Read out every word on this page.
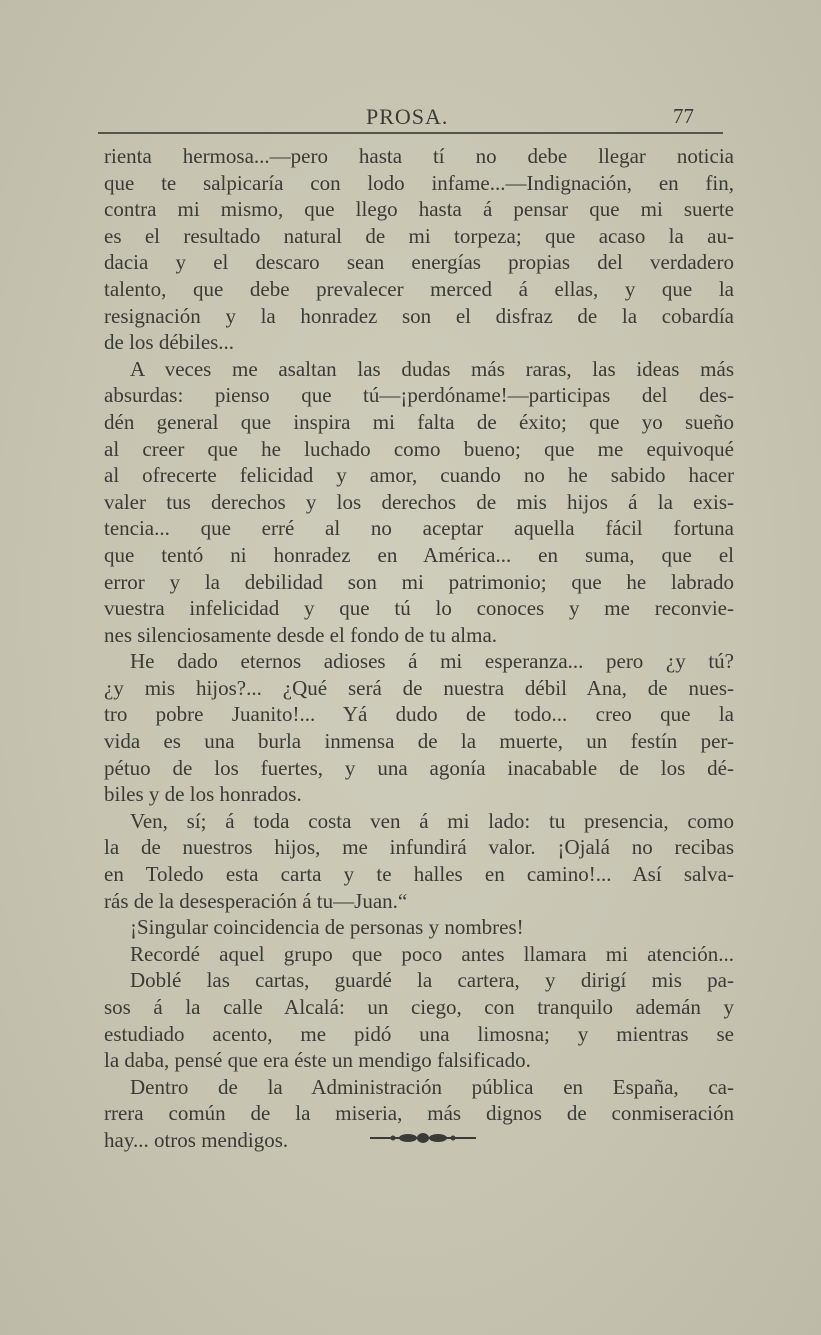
PROSA.	77
rienta hermosa...—pero hasta tí no debe llegar noticia
que te salpicaría con lodo infame...—Indignación, en fin,
contra mi mismo, que llego hasta á pensar que mi suerte
es el resultado natural de mi torpeza; que acaso la au-
dacia y el descaro sean energías propias del verdadero
talento, que debe prevalecer merced á ellas, y que la
resignación y la honradez son el disfraz de la cobardía
de los débiles...
A veces me asaltan las dudas más raras, las ideas más
absurdas: pienso que tú—¡perdóname!—participas del des-
dén general que inspira mi falta de éxito; que yo sueño
al creer que he luchado como bueno; que me equivoqué
al ofrecerte felicidad y amor, cuando no he sabido hacer
valer tus derechos y los derechos de mis hijos á la exis-
tencia... que erré al no aceptar aquella fácil fortuna
que tentó ni honradez en América... en suma, que el
error y la debilidad son mi patrimonio; que he labrado
vuestra infelicidad y que tú lo conoces y me reconvie-
nes silenciosamente desde el fondo de tu alma.
He dado eternos adioses á mi esperanza... pero ¿y tú?
¿y mis hijos?... ¿Qué será de nuestra débil Ana, de nues-
tro pobre Juanito!... Yá dudo de todo... creo que la
vida es una burla inmensa de la muerte, un festín per-
pétuo de los fuertes, y una agonía inacabable de los dé-
biles y de los honrados.
Ven, sí; á toda costa ven á mi lado: tu presencia, como
la de nuestros hijos, me infundirá valor. ¡Ojalá no recibas
en Toledo esta carta y te halles en camino!... Así salva-
rás de la desesperación á tu—Juan.“
¡Singular coincidencia de personas y nombres!
Recordé aquel grupo que poco antes llamara mi atención...
Doblé las cartas, guardé la cartera, y dirigí mis pa-
sos á la calle Alcalá: un ciego, con tranquilo ademán y
estudiado acento, me pidó una limosna; y mientras se
la daba, pensé que era éste un mendigo falsificado.
Dentro de la Administración pública en España, ca-
rrera común de la miseria, más dignos de conmiseración
hay... otros mendigos.
